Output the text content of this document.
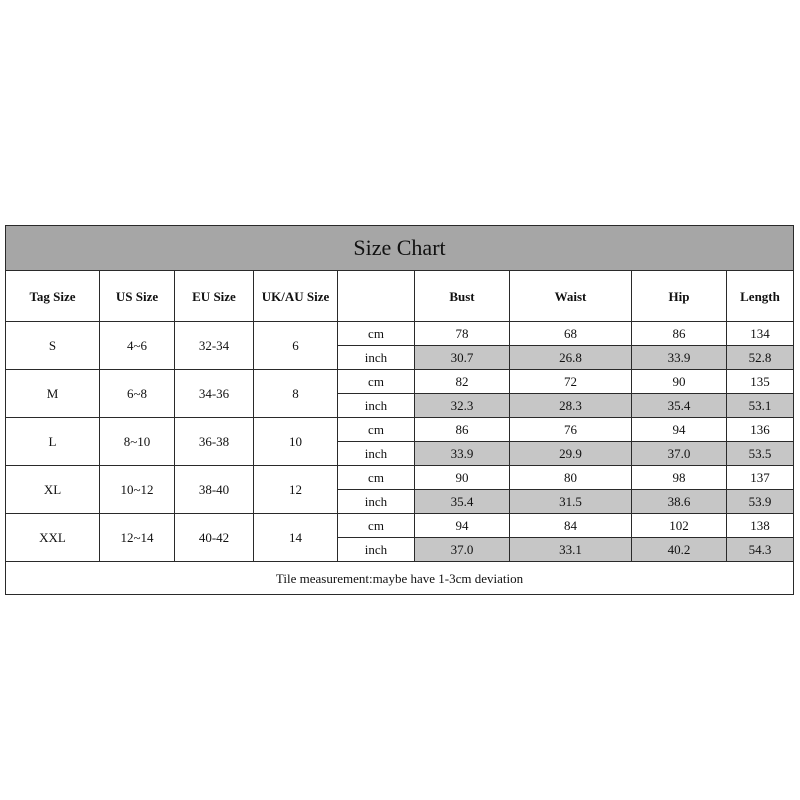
Size Chart								
Tag Size	US Size	EU Size	UK/AU Size		Bust	Waist	Hip	Length
S	4~6	32-34	6	cm	78	68	86	134
				inch	30.7	26.8	33.9	52.8
M	6~8	34-36	8	cm	82	72	90	135
				inch	32.3	28.3	35.4	53.1
L	8~10	36-38	10	cm	86	76	94	136
				inch	33.9	29.9	37.0	53.5
XL	10~12	38-40	12	cm	90	80	98	137
				inch	35.4	31.5	38.6	53.9
XXL	12~14	40-42	14	cm	94	84	102	138
				inch	37.0	33.1	40.2	54.3
Tile measurement:maybe have 1-3cm deviation								
